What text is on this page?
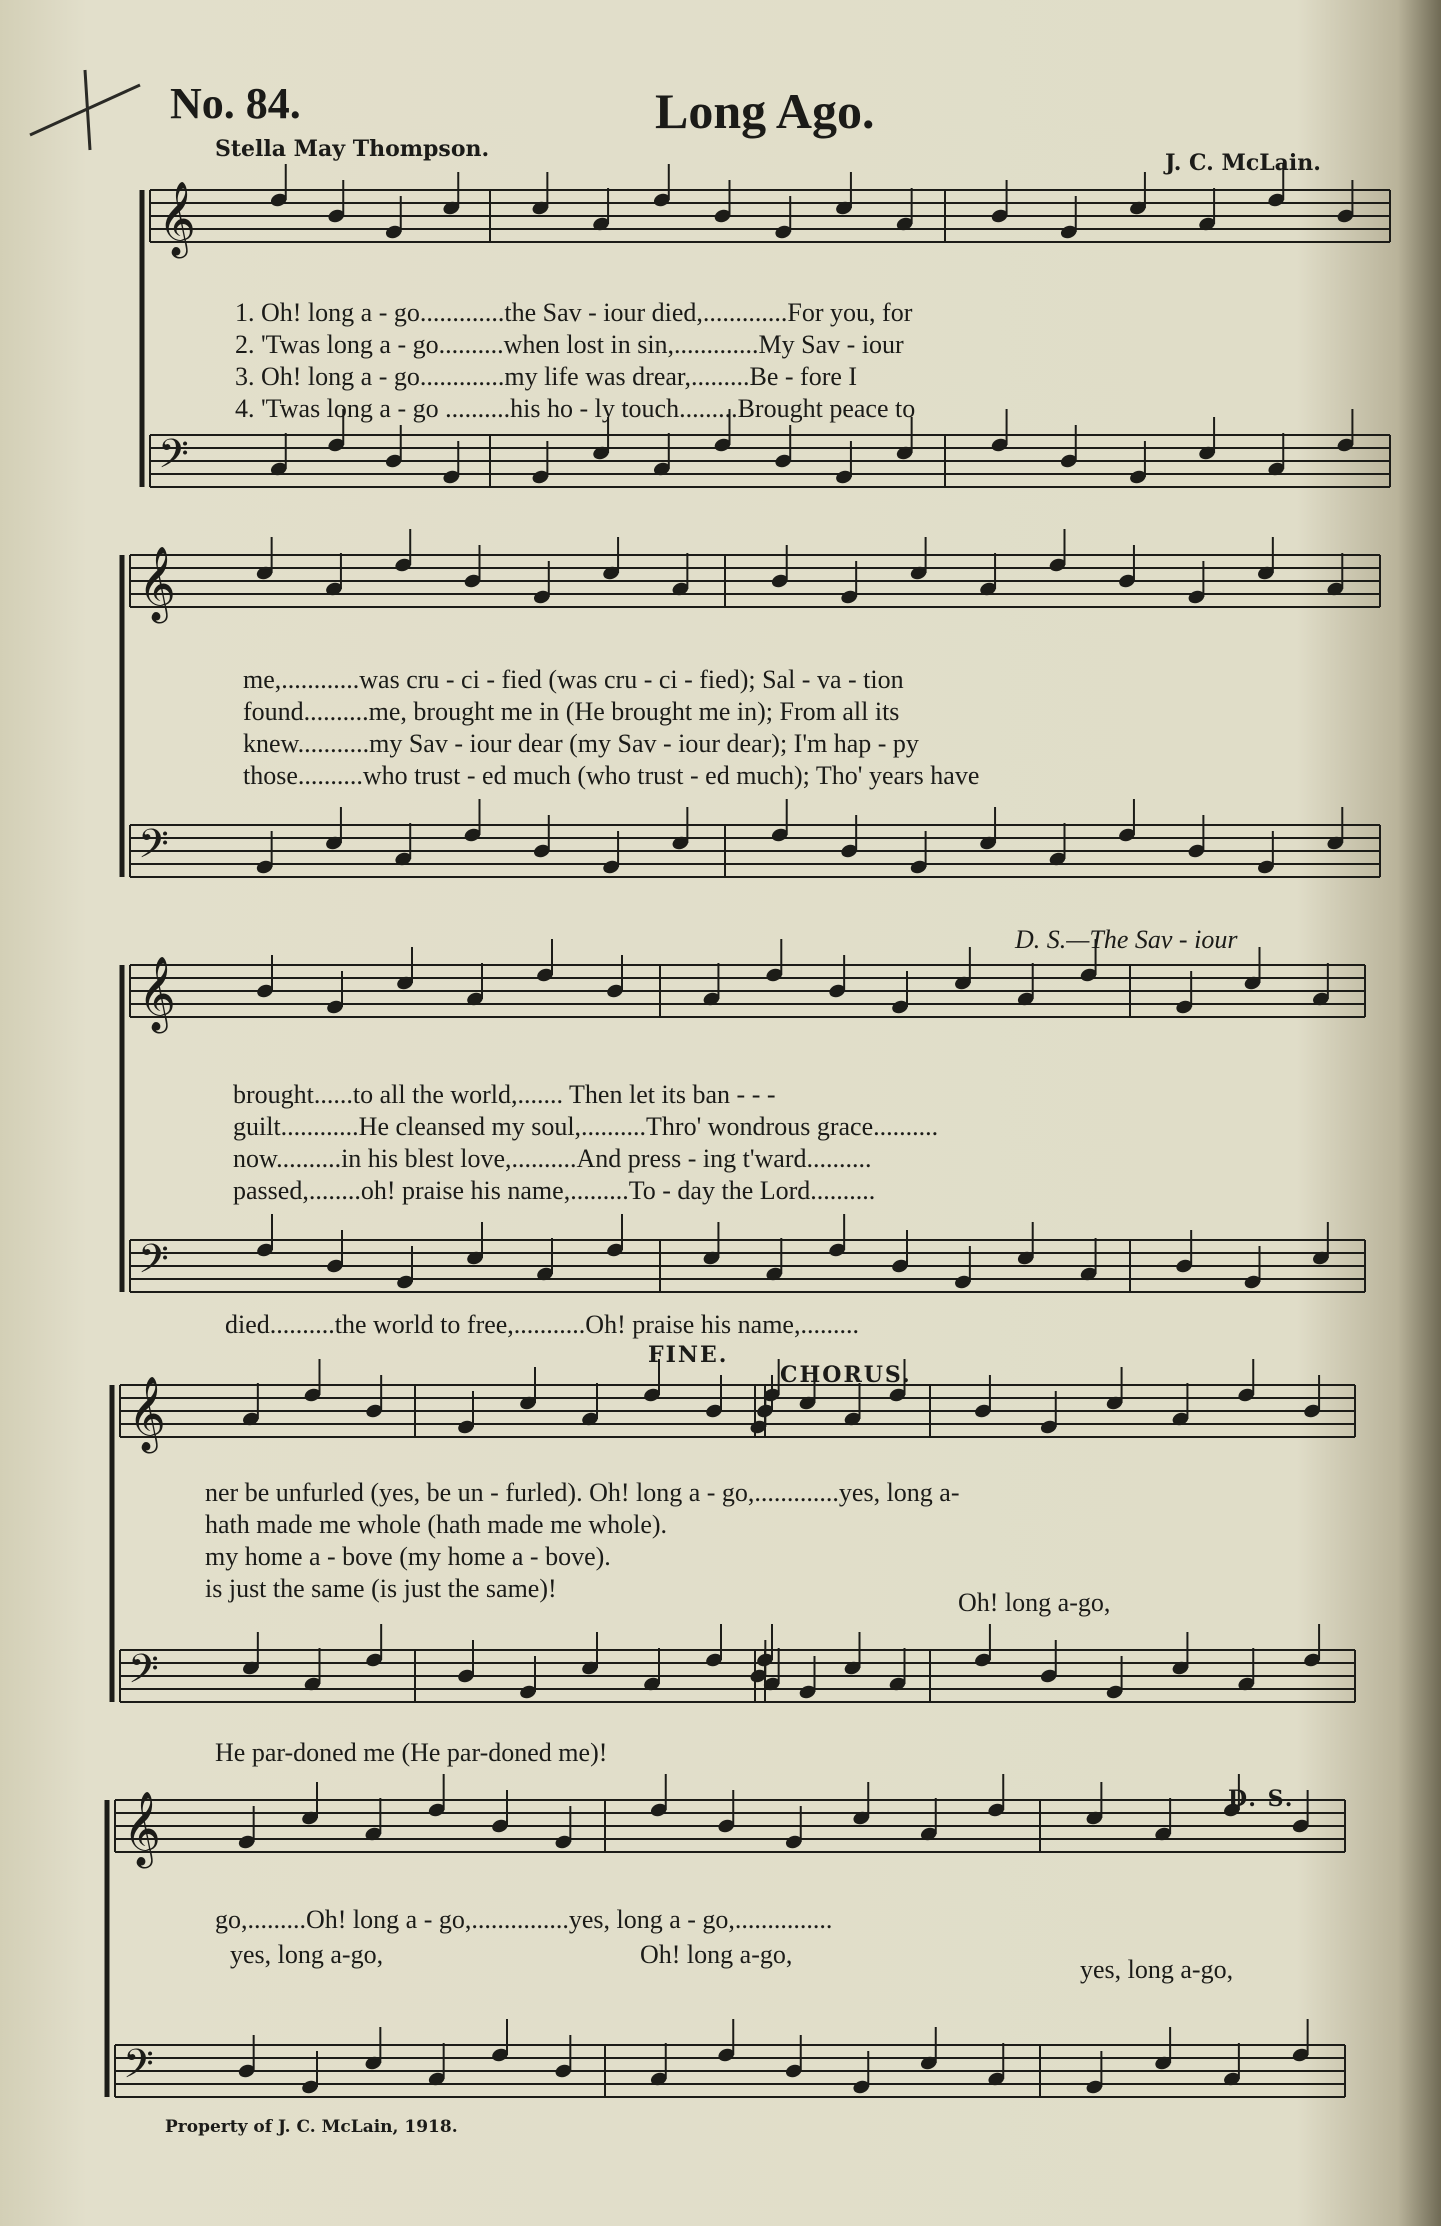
𝄞
𝄢
𝄞
𝄢
𝄞
𝄢
𝄞
𝄢
𝄞
𝄢
No. 84.	Long Ago.
Stella May Thompson.
J. C. McLain.
1. Oh! long a - go.............the Sav - iour died,.............For you, for
2. 'Twas long a - go..........when lost in sin,.............My Sav - iour
3. Oh! long a - go.............my life was drear,.........Be - fore I
4. 'Twas long a - go ..........his ho - ly touch.........Brought peace to
me,............was cru - ci - fied (was cru - ci - fied); Sal - va - tion
found..........me, brought me in (He brought me in); From all its
knew...........my Sav - iour dear (my Sav - iour dear); I'm hap - py
those..........who trust - ed much (who trust - ed much); Tho' years have
D. S.—The Sav - iour
brought......to all the world,....... Then let its ban - - -
guilt............He cleansed my soul,..........Thro' wondrous grace..........
now..........in his blest love,..........And press - ing t'ward..........
passed,........oh! praise his name,.........To - day the Lord..........
died..........the world to free,...........Oh! praise his name,.........
FINE.
CHORUS.
ner be unfurled (yes, be un - furled). Oh! long a - go,.............yes, long a-
hath made me whole (hath made me whole).
my home a - bove (my home a - bove).
is just the same (is just the same)!	Oh! long a-go,
He par-doned me (He par-doned me)!
D. S.
go,.........Oh! long a - go,...............yes, long a - go,...............
yes, long a-go,	Oh! long a-go,
yes, long a-go,
Property of J. C. McLain, 1918.
